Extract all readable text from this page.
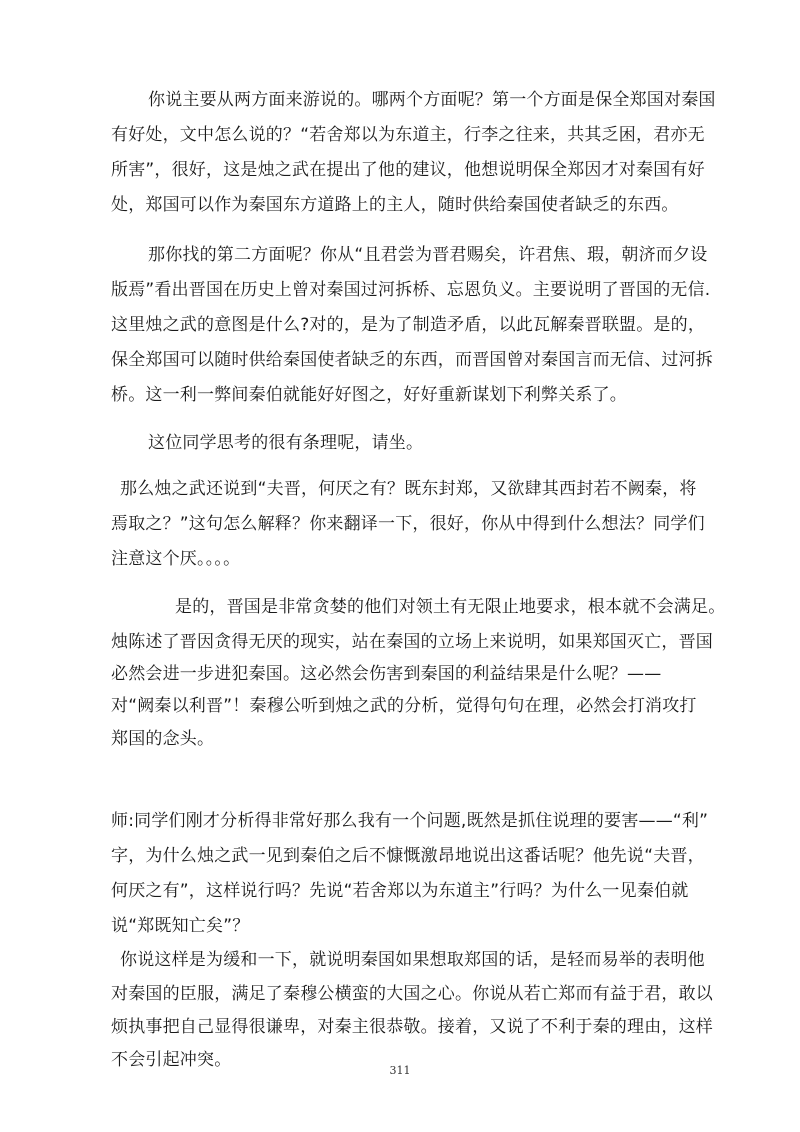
你说主要从两方面来游说的。哪两个方面呢？第一个方面是保全郑国对秦国
有好处，文中怎么说的？“若舍郑以为东道主，行李之往来，共其乏困，君亦无
所害”，很好，这是烛之武在提出了他的建议，他想说明保全郑因才对秦国有好
处，郑国可以作为秦国东方道路上的主人，随时供给秦国使者缺乏的东西。
那你找的第二方面呢？你从“且君尝为晋君赐矣，许君焦、瑕，朝济而夕设
版焉”看出晋国在历史上曾对秦国过河拆桥、忘恩负义。主要说明了晋国的无信.
这里烛之武的意图是什么?对的，是为了制造矛盾，以此瓦解秦晋联盟。是的，
保全郑国可以随时供给秦国使者缺乏的东西，而晋国曾对秦国言而无信、过河拆
桥。这一利一弊间秦伯就能好好图之，好好重新谋划下利弊关系了。
这位同学思考的很有条理呢，请坐。
那么烛之武还说到“夫晋，何厌之有？既东封郑，又欲肆其西封若不阙秦，将
焉取之？”这句怎么解释？你来翻译一下，很好，你从中得到什么想法？同学们
注意这个厌。。。。
是的，晋国是非常贪婪的他们对领土有无限止地要求，根本就不会满足。
烛陈述了晋因贪得无厌的现实，站在秦国的立场上来说明，如果郑国灭亡，晋国
必然会进一步进犯秦国。这必然会伤害到秦国的利益结果是什么呢？——
对“阙秦以利晋”！秦穆公听到烛之武的分析，觉得句句在理，必然会打消攻打
郑国的念头。
师:同学们刚才分析得非常好那么我有一个问题,既然是抓住说理的要害——“利”
字，为什么烛之武一见到秦伯之后不慷慨激昂地说出这番话呢？他先说“夫晋，
何厌之有”，这样说行吗？先说“若舍郑以为东道主”行吗？为什么一见秦伯就
说“郑既知亡矣”？
你说这样是为缓和一下，就说明秦国如果想取郑国的话，是轻而易举的表明他
对秦国的臣服，满足了秦穆公横蛮的大国之心。你说从若亡郑而有益于君，敢以
烦执事把自己显得很谦卑，对秦主很恭敬。接着，又说了不利于秦的理由，这样
不会引起冲突。
311
